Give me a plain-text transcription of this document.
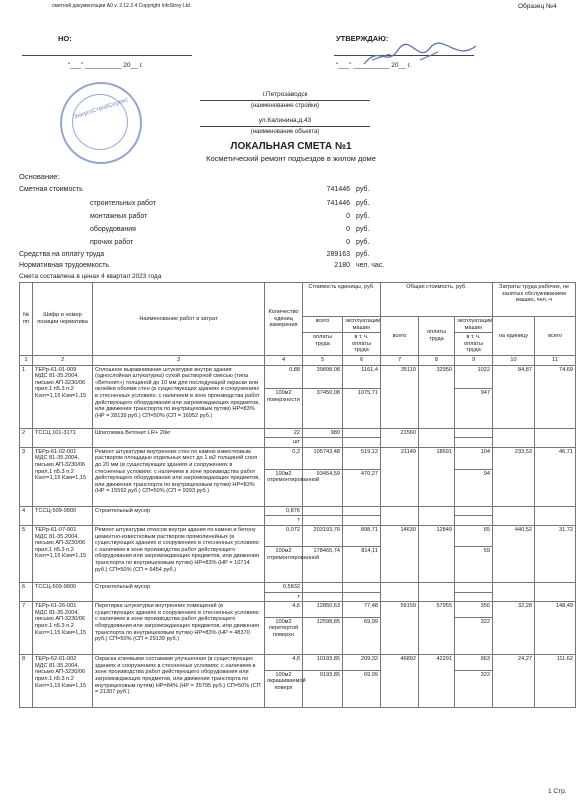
сметной документации А0 v. 2.12.2.4 Copyright InfoStroy Ltd.	Образец №4
НО:	УТВЕРЖДАЮ:
"___" __________ 20__ г.	"___" __________ 20__ г.
ЭнергоСтройСервис
г.Петрозаводск
(наименование стройки)
ул.Калинина,д.43
(наименование объекта)
ЛОКАЛЬНАЯ СМЕТА №1
Косметический ремонт подъездов в жилом доме
Основание:
Сметная стоимость	741446 руб.
строительных работ	741446 руб.
монтажных работ	0 руб.
оборудования	0 руб.
прочих работ	0 руб.
Средства на оплату труда	289163 руб.
Нормативная трудоемкость	2180 чел. час.
Смета составлена в ценах 4 квартал 2023 года
№ пп	Шифр и номер позиции норматива	Наименование работ и затрат	Количество единиц измерения	Стоимость единицы, руб.		Общая стоимость, руб.			Затраты труда рабочих, не занятых обслуживанием машин, чел.-ч	
				всего	эксплуатации машин	всего	оплаты труда	эксплуатации машин	на единицу	всего
				оплаты труда	в т. ч. оплаты труда			в т. ч. оплаты труда		
1	2	3	4	5	6	7	8	9	10	11
1	ТЕРр-61-01-009 МДС 81-35.2004, письмо АП-3230/06 прил.1 п5.3 п.2 Кзот=1,15 Кэм=1,15	Сплошное выравнивание штукатурки внутри здания (однослойная штукатурка) сухой растворной смесью (типа «Ветонит») толщиной до 10 мм для последующей окраски или оклейки обоями стен (в существующих зданиях и сооружениях в стесненных условиях: с наличием в зоне производства работ действующего оборудования или загромождающих предметов, или движения транспорта по внутрицеховым путям) НР=83% (НР = 28139 руб.) СП=50% (СП = 16952 руб.)	0,88	39898,08	1161,4	35110	32950	1022	84,87	74,69
			100м2 поверхности	37450,08	1075,71			947		
2	ТССЦ 101-3171	Шпатлевка Ветонит LR+ 20кг	22	980		21560				
			шт							
3	ТЕРр-61-02-001 МДС 81-35.2004, письмо АП-3230/06 прил.1 п5.3 п.2 Кзот=1,15 Кэм=1,15	Ремонт штукатурки внутренних стен по камню известковым раствором площадью отдельных мест до 1 м2 толщиной слоя до 20 мм (в существующих зданиях и сооружениях в стесненных условиях: с наличием в зоне производства работ действующего оборудования или загромождающих предметов, или движения транспорта по внутрицеховым путям) НР=83% (НР = 15592 руб.) СП=50% (СП = 9393 руб.)	0,2	105743,48	519,12	21149	18691	104	233,53	46,71
			100м2 отремонтированной	93454,59	470,27			94		
4	ТССЦ-509-9900	Строительный мусор	0,876							
			т							
5	ТЕРр-61-07-001 МДС 81-35.2004, письмо АП-3230/06 прил.1 п5.3 п.2 Кзот=1,15 Кэм=1,15	Ремонт штукатурки откосов внутри здания по камню и бетону цементно-известковым раствором прямолинейных (в существующих зданиях и сооружениях в стесненных условиях: с наличием в зоне производства работ действующего оборудования или загромождающих предметов, или движения транспорта по внутрицеховым путям) НР=83% (НР = 10714 руб.) СП=50% (СП = 6454 руб.)	0,072	203193,76	898,71	14630	12849	65	440,52	31,72
			100м2 отремонтированной	178465,74	814,11			59		
6	ТССЦ-509-9900	Строительный мусор	0,5832							
			т							
7	ТЕРр-61-26-001 МДС 81-35.2004, письмо АП-3230/06 прил.1 п5.3 п.2 Кзот=1,15 Кэм=1,15	Перетирка штукатурки внутренних помещений (в существующих зданиях и сооружениях в стесненных условиях: с наличием в зоне производства работ действующего оборудования или загромождающих предметов, или движения транспорта по внутрицеховым путям) НР=83% (НР = 48370 руб.) СП=50% (СП = 29139 руб.)	4,6	12860,63	77,48	59159	57955	356	32,28	148,49
			100м2 перетертой поверхн	12598,85	69,99			322		
8	ТЕРр-62-01-002 МДС 81-35.2004, письмо АП-3230/06 прил.1 п5.3 п.2 Кзот=1,15 Кэм=1,15	Окраска клеевыми составами улучшенная (в существующих зданиях и сооружениях в стесненных условиях: с наличием в зоне производства работ действующего оборудования или загромождающих предметов, или движения транспорта по внутрицеховым путям) НР=84% (НР = 35795 руб.) СП=50% (СП = 21307 руб.)	4,6	10193,85	209,32	46892	42291	963	24,27	111,62
			100м2 окрашиваемой поверх	9193,85	69,99			322		
1 Стр.
